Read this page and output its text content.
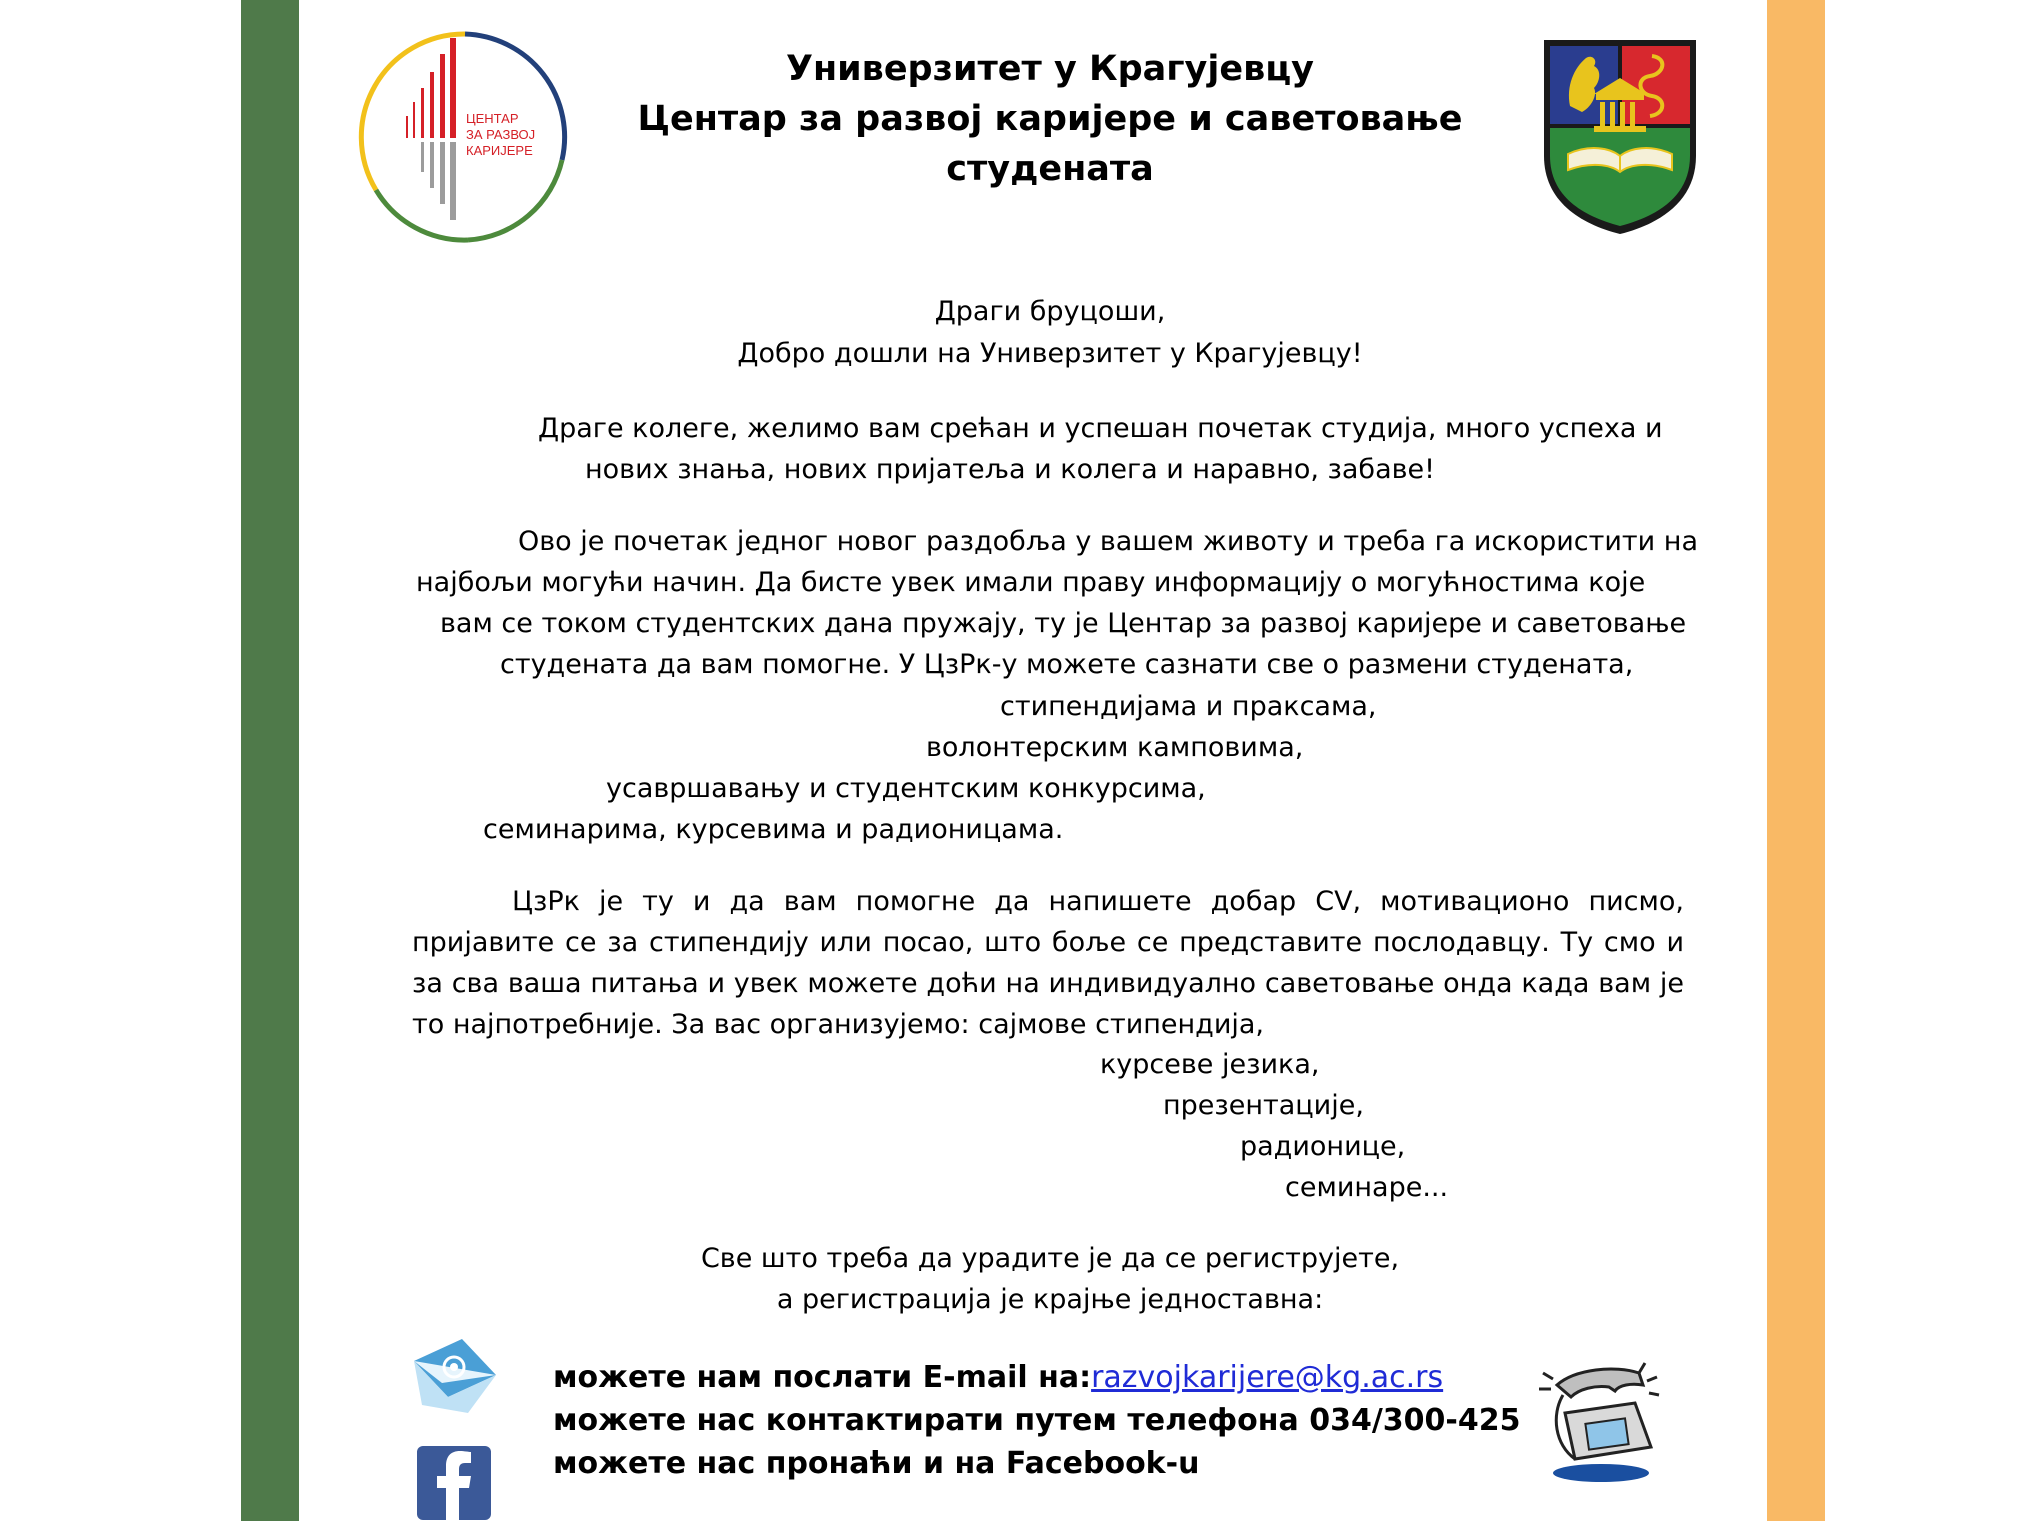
ЦЕНТАР
ЗА РАЗВОЈ
КАРИЈЕРЕ
Универзитет у Крагујевцу
Центар за развој каријере и саветовање
студената
Драги бруцоши,
Добро дошли на Универзитет у Крагујевцу!
Драге колеге, желимо вам срећан и успешан почетак студија, много успеха и
нових знања, нових пријатеља и колега и наравно, забаве!
Ово је почетак једног новог раздобља у вашем животу и треба га искористити на
најбољи могући начин. Да бисте увек имали праву информацију о могућностима које
вам се током студентских дана пружају, ту је Центар за развој каријере и саветовање
студената да вам помогне. У ЦзРк-у можете сазнати све о размени студената,
стипендијама и праксама,
волонтерским камповима,
усавршавању и студентским конкурсима,
семинарима, курсевима и радионицама.
ЦзРк је ту и да вам помогне да напишете добар CV, мотивационо писмо, пријавите се за стипендију или посао, што боље се представите послодавцу. Ту смо и за сва ваша питања и увек можете доћи на индивидуално саветовање онда када вам је то најпотребније. За вас организујемо: сајмове стипендија,
курсеве језика,
презентације,
радионице,
семинаре...
Све што треба да урадите је да се региструјете,
а регистрација је крајње једноставна:
можете нам послати E-mail на:razvojkarijere@kg.ac.rs
можете нас контактирати путем телефона 034/300-425
можете нас пронаћи и на Facebook-u
